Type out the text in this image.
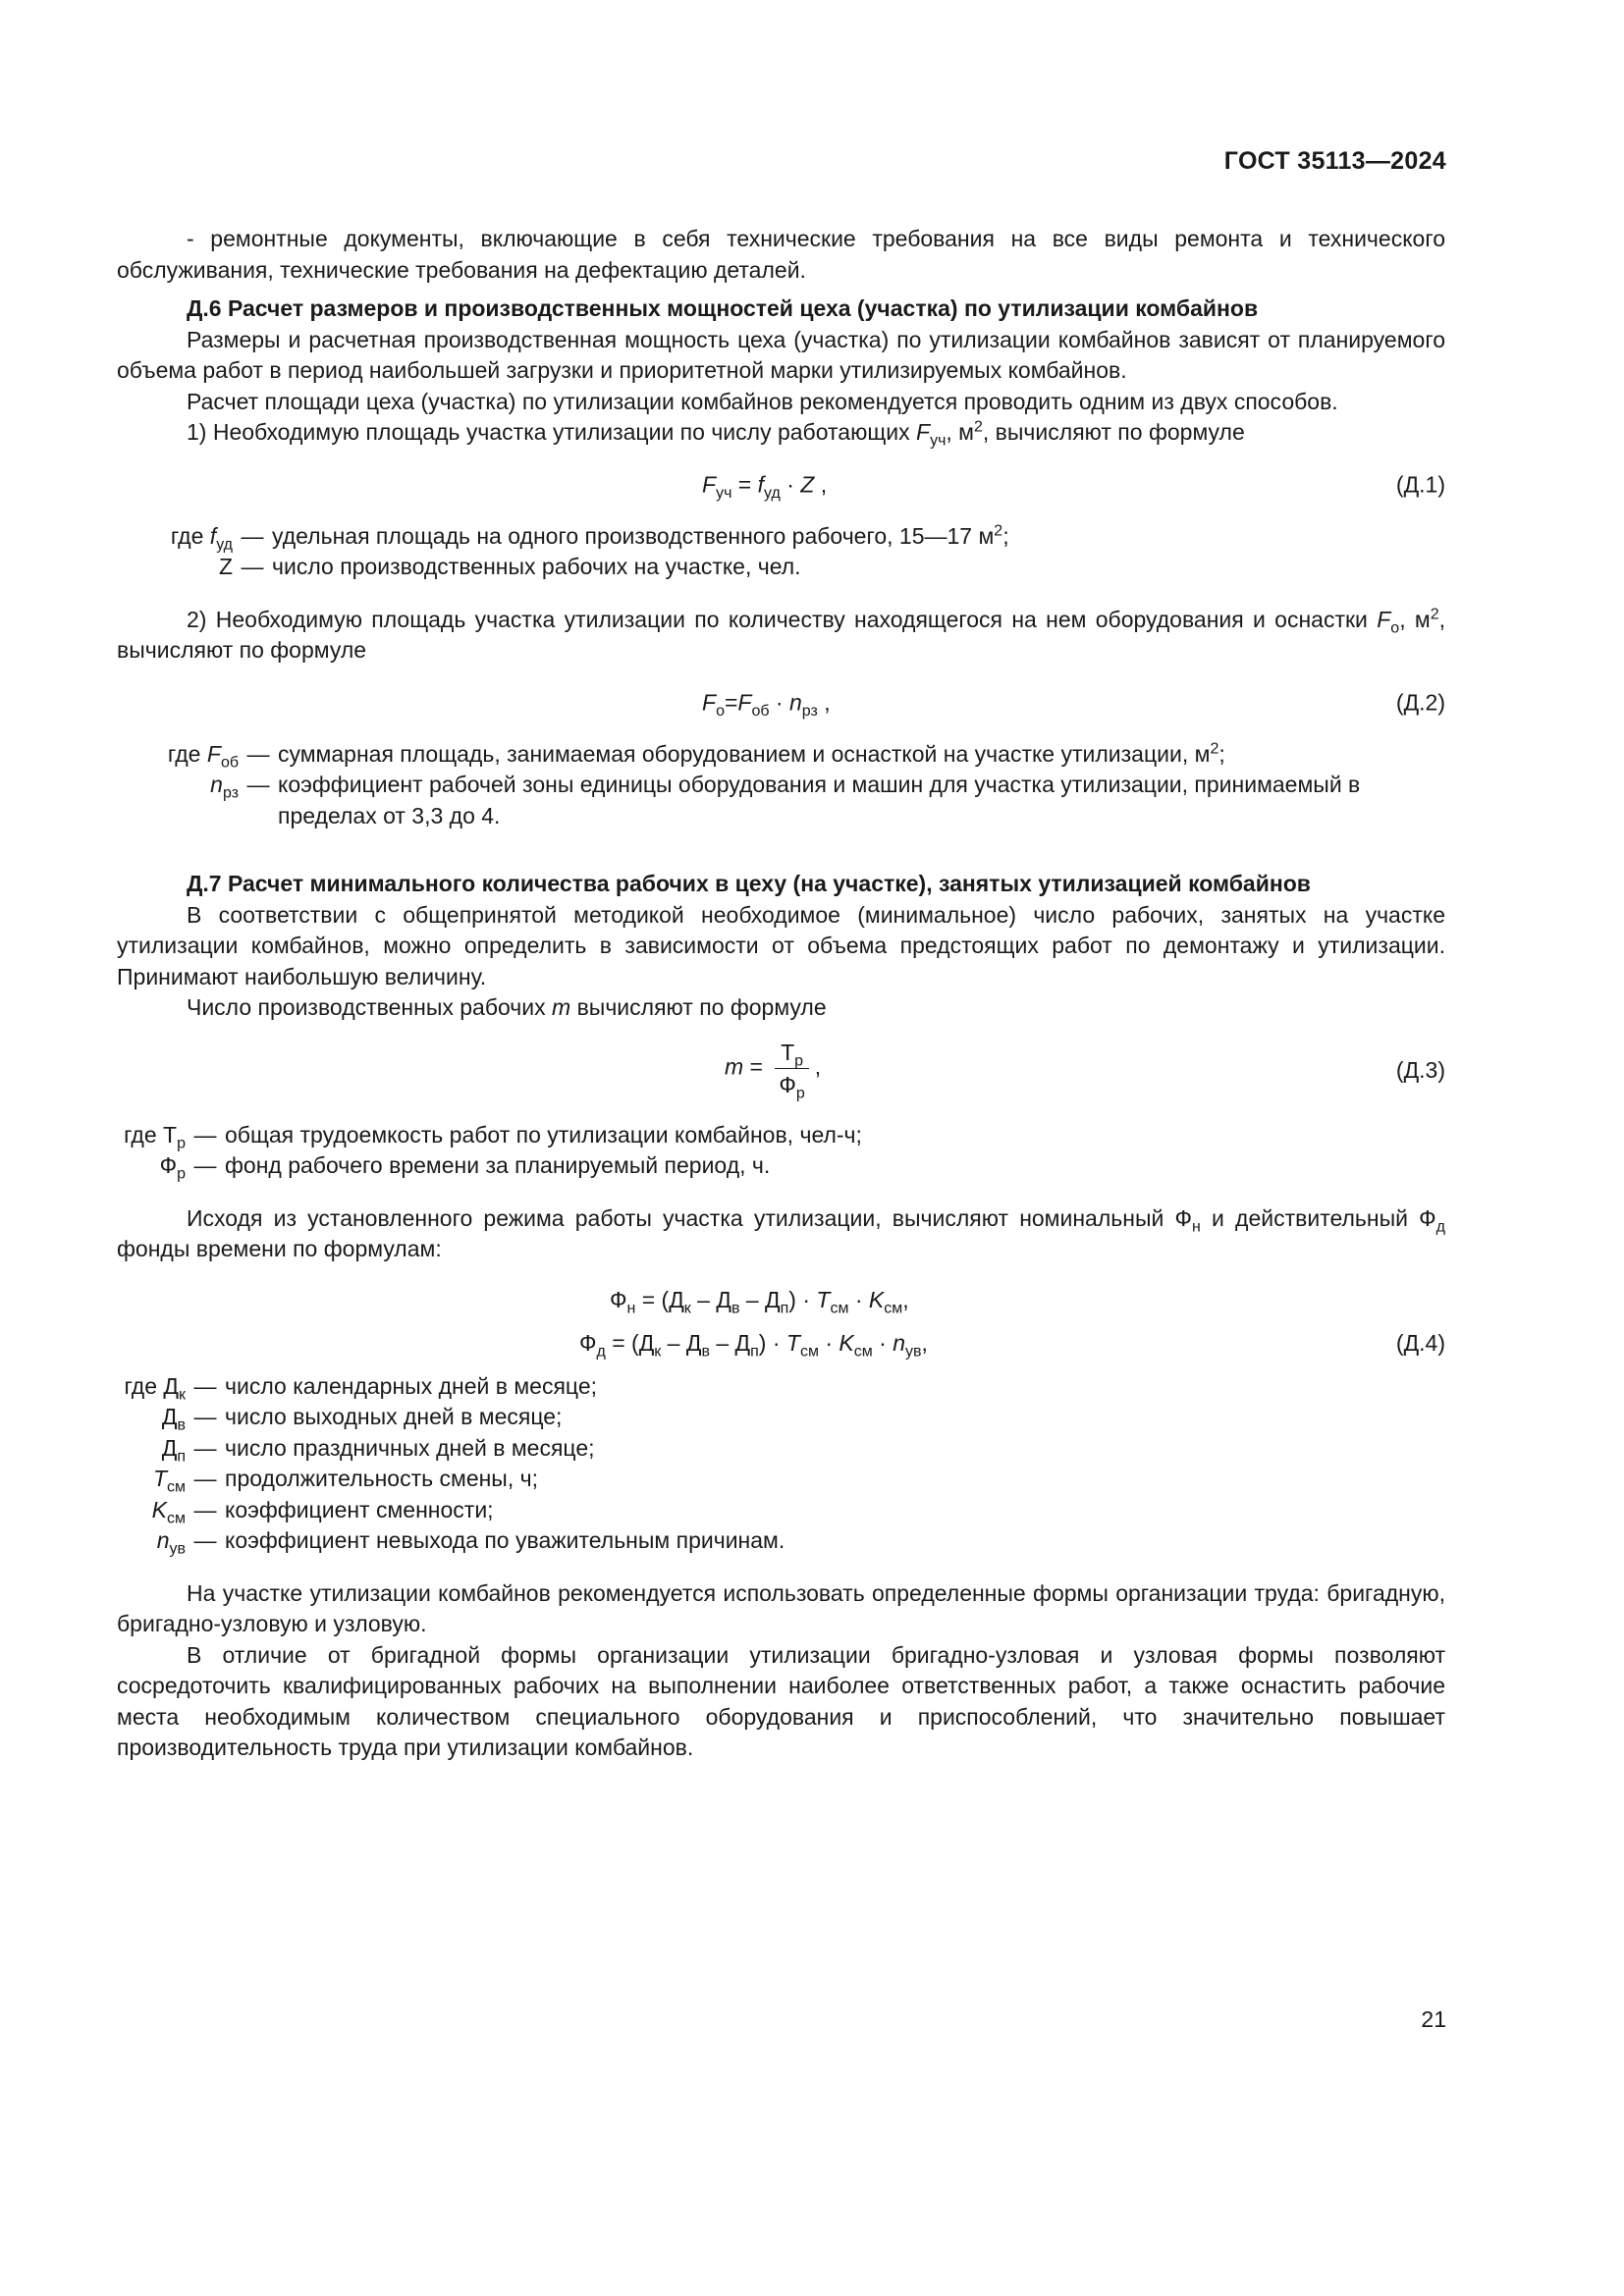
ГОСТ 35113—2024

- ремонтные документы, включающие в себя технические требования на все виды ремонта и технического обслуживания, технические требования на дефектацию деталей.

Д.6 Расчет размеров и производственных мощностей цеха (участка) по утилизации комбайнов

Размеры и расчетная производственная мощность цеха (участка) по утилизации комбайнов зависят от планируемого объема работ в период наибольшей загрузки и приоритетной марки утилизируемых комбайнов.

Расчет площади цеха (участка) по утилизации комбайнов рекомендуется проводить одним из двух способов.

1) Необходимую площадь участка утилизации по числу работающих $F_{уч}$, $м^2$, вычисляют по формуле

$F_{уч} = f_{уд} \cdot Z$ ,	(Д.1)
где $f_{уд}$ — удельная площадь на одного производственного рабочего, 15—17 $м^2$;
Z — число производственных рабочих на участке, чел.

2) Необходимую площадь участка утилизации по количеству находящегося на нем оборудования и оснастки $F_о$, $м^2$, вычисляют по формуле

$F_о=F_{об} \cdot n_{рз}$ ,	(Д.2)
где $F_{об}$ — суммарная площадь, занимаемая оборудованием и оснасткой на участке утилизации, $м^2$;
$n_{рз}$ — коэффициент рабочей зоны единицы оборудования и машин для участка утилизации, принимаемый в пределах от 3,3 до 4.

Д.7 Расчет минимального количества рабочих в цеху (на участке), занятых утилизацией комбайнов

В соответствии с общепринятой методикой необходимое (минимальное) число рабочих, занятых на участке утилизации комбайнов, можно определить в зависимости от объема предстоящих работ по демонтажу и утилизации. Принимают наибольшую величину.

Число производственных рабочих m вычисляют по формуле

$m = \frac{Т_р}{Ф_р}$ ,	(Д.3)
где $Т_р$ — общая трудоемкость работ по утилизации комбайнов, чел-ч;
$Ф_р$ — фонд рабочего времени за планируемый период, ч.

Исходя из установленного режима работы участка утилизации, вычисляют номинальный $Ф_н$ и действительный $Ф_д$ фонды времени по формулам:

$Ф_н = (Д_к - Д_в - Д_п) \cdot T_{см} \cdot K_{см}$,
$Ф_д = (Д_к - Д_в - Д_п) \cdot T_{см} \cdot K_{см} \cdot n_{ув}$,	(Д.4)
где $Д_к$ — число календарных дней в месяце;
$Д_в$ — число выходных дней в месяце;
$Д_п$ — число праздничных дней в месяце;
$T_{см}$ — продолжительность смены, ч;
$K_{см}$ — коэффициент сменности;
$n_{ув}$ — коэффициент невыхода по уважительным причинам.

На участке утилизации комбайнов рекомендуется использовать определенные формы организации труда: бригадную, бригадно-узловую и узловую.

В отличие от бригадной формы организации утилизации бригадно-узловая и узловая формы позволяют сосредоточить квалифицированных рабочих на выполнении наиболее ответственных работ, а также оснастить рабочие места необходимым количеством специального оборудования и приспособлений, что значительно повышает производительность труда при утилизации комбайнов.

21
